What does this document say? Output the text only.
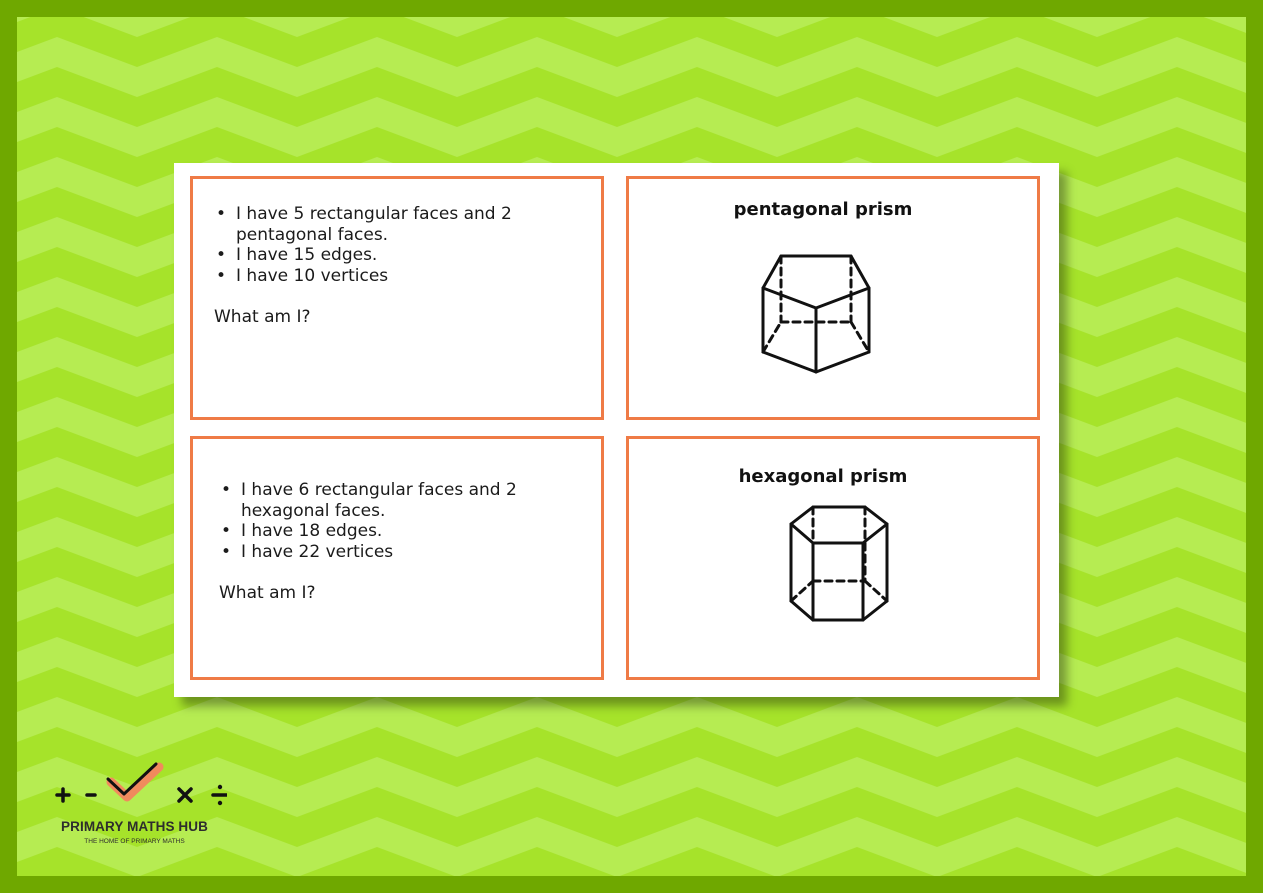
• I have 5 rectangular faces and 2 pentagonal faces.
• I have 15 edges.
• I have 10 vertices
What am I?
pentagonal prism
• I have 6 rectangular faces and 2 hexagonal faces.
• I have 18 edges.
• I have 22 vertices
What am I?
hexagonal prism
PRIMARY MATHS HUB
THE HOME OF PRIMARY MATHS
